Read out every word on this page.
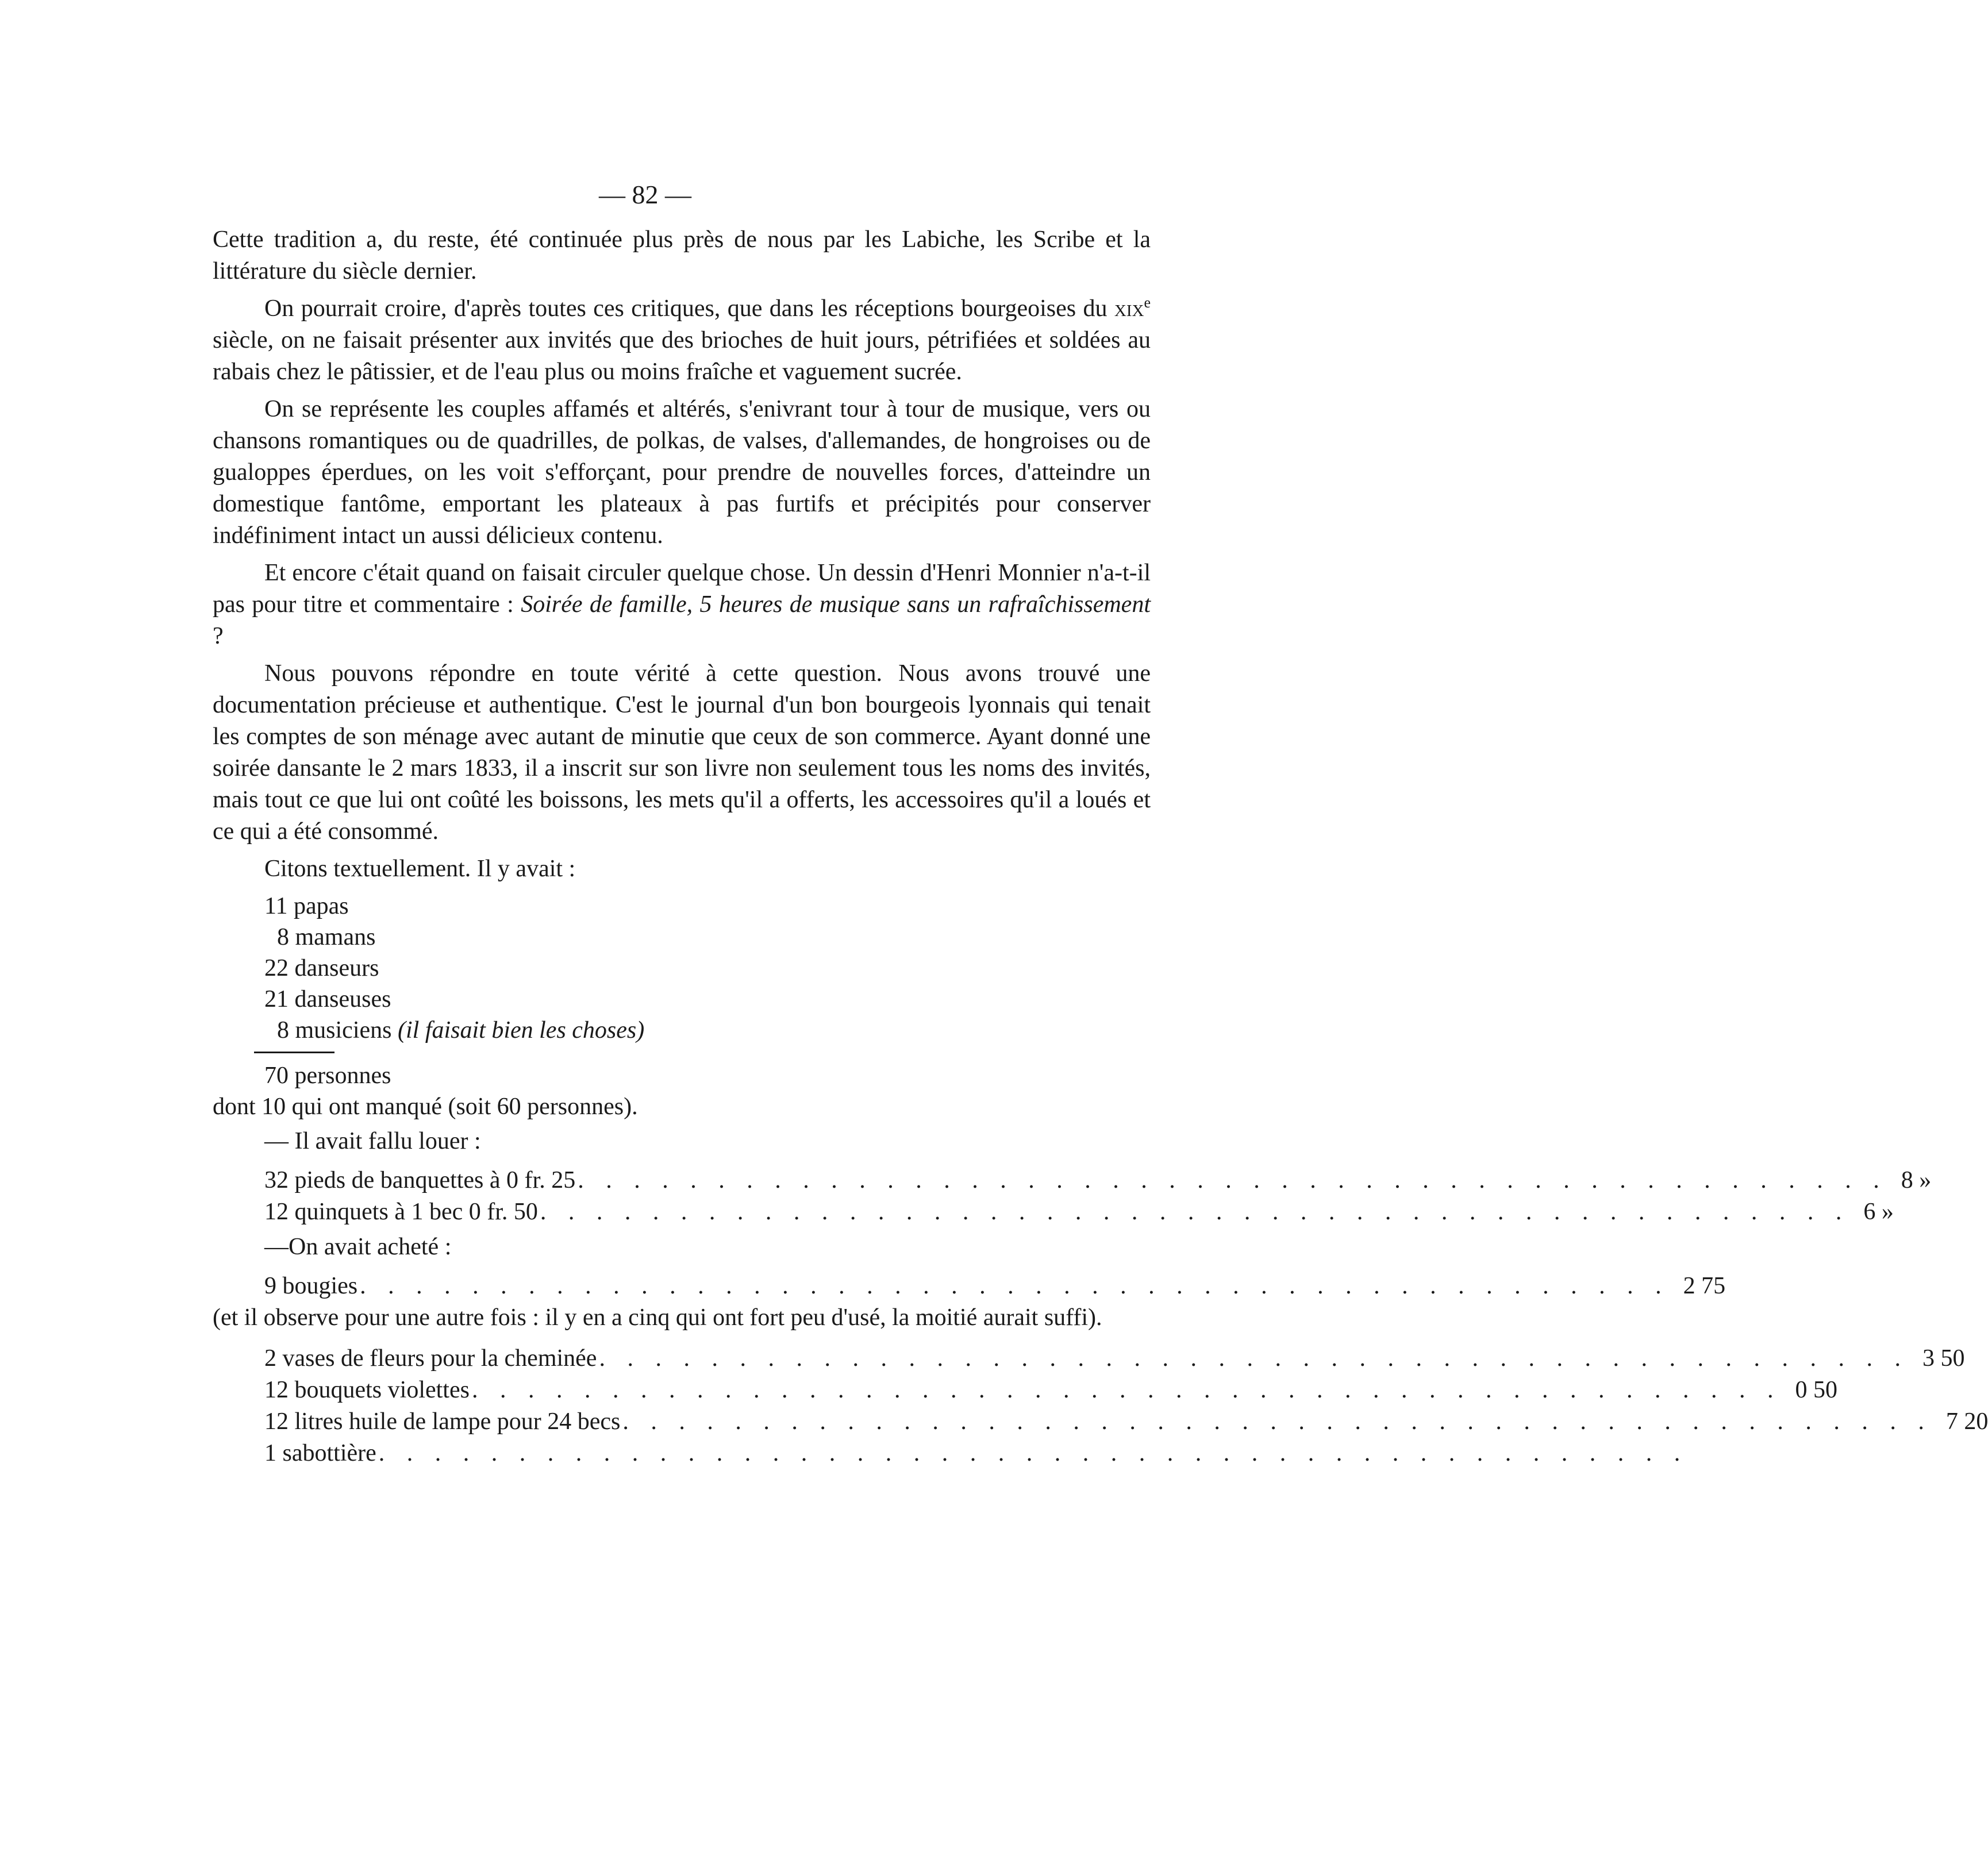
— 82 —

Cette tradition a, du reste, été continuée plus près de nous par les Labiche, les Scribe et la littérature du siècle dernier.

On pourrait croire, d'après toutes ces critiques, que dans les réceptions bourgeoises du xix$^e$ siècle, on ne faisait présenter aux invités que des brioches de huit jours, pétrifiées et soldées au rabais chez le pâtissier, et de l'eau plus ou moins fraîche et vaguement sucrée.

On se représente les couples affamés et altérés, s'enivrant tour à tour de musique, vers ou chansons romantiques ou de quadrilles, de polkas, de valses, d'allemandes, de hongroises ou de gualoppes éperdues, on les voit s'efforçant, pour prendre de nouvelles forces, d'atteindre un domestique fantôme, emportant les plateaux à pas furtifs et précipités pour conserver indéfiniment intact un aussi délicieux contenu.

Et encore c'était quand on faisait circuler quelque chose. Un dessin d'Henri Monnier n'a-t-il pas pour titre et commentaire : Soirée de famille, 5 heures de musique sans un rafraîchissement ?

Nous pouvons répondre en toute vérité à cette question. Nous avons trouvé une documentation précieuse et authentique. C'est le journal d'un bon bourgeois lyonnais qui tenait les comptes de son ménage avec autant de minutie que ceux de son commerce. Ayant donné une soirée dansante le 2 mars 1833, il a inscrit sur son livre non seulement tous les noms des invités, mais tout ce que lui ont coûté les boissons, les mets qu'il a offerts, les accessoires qu'il a loués et ce qui a été consommé.

Citons textuellement. Il y avait :

11 papas

8 mamans

22 danseurs

21 danseuses

8 musiciens (il faisait bien les choses)

70 personnes

dont 10 qui ont manqué (soit 60 personnes).

— Il avait fallu louer :

32 pieds de banquettes à 0 fr. 25 . . . . . . . . . . . . . . . . . . . . . . . . . . . . . . . . . . . . . . . . . . . . . . . 8 »

12 quinquets à 1 bec 0 fr. 50 . . . . . . . . . . . . . . . . . . . . . . . . . . . . . . . . . . . . . . . . . . . . . . . 6 »

—On avait acheté :

9 bougies . . . . . . . . . . . . . . . . . . . . . . . . . . . . . . . . . . . . . . . . . . . . . . . 2 75

(et il observe pour une autre fois : il y en a cinq qui ont fort peu d'usé, la moitié aurait suffi).

2 vases de fleurs pour la cheminée . . . . . . . . . . . . . . . . . . . . . . . . . . . . . . . . . . . . . . . . . . . . . . . 3 50

12 bouquets violettes . . . . . . . . . . . . . . . . . . . . . . . . . . . . . . . . . . . . . . . . . . . . . . . 0 50

12 litres huile de lampe pour 24 becs . . . . . . . . . . . . . . . . . . . . . . . . . . . . . . . . . . . . . . . . . . . . . . . 7 20

1 sabottière . . . . . . . . . . . . . . . . . . . . . . . . . . . . . . . . . . . . . . . . . . . . . . .
